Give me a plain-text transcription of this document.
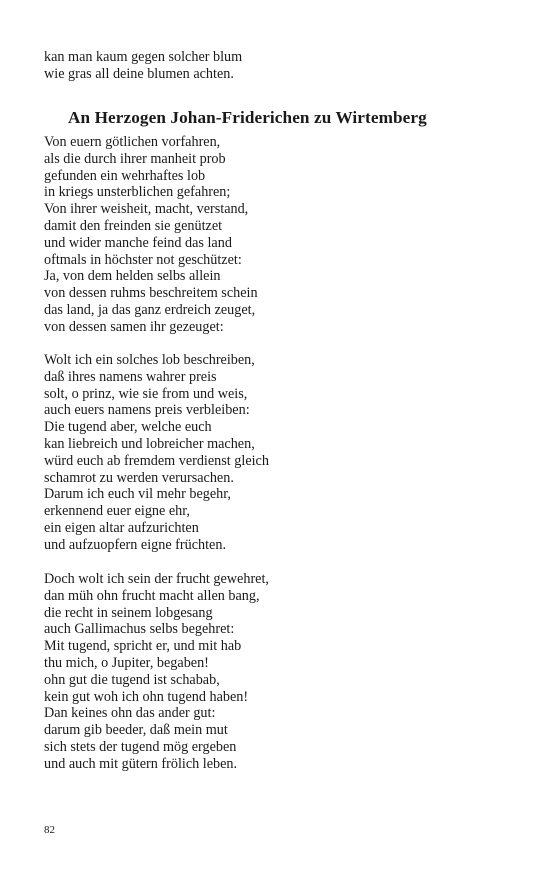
kan man kaum gegen solcher blum
wie gras all deine blumen achten.
An Herzogen Johan-Friderichen zu Wirtemberg
Von euern götlichen vorfahren,
als die durch ihrer manheit prob
gefunden ein wehrhaftes lob
in kriegs unsterblichen gefahren;
Von ihrer weisheit, macht, verstand,
damit den freinden sie genützet
und wider manche feind das land
oftmals in höchster not geschützet:
Ja, von dem helden selbs allein
von dessen ruhms beschreitem schein
das land, ja das ganz erdreich zeuget,
von dessen samen ihr gezeuget:
Wolt ich ein solches lob beschreiben,
daß ihres namens wahrer preis
solt, o prinz, wie sie from und weis,
auch euers namens preis verbleiben:
Die tugend aber, welche euch
kan liebreich und lobreicher machen,
würd euch ab fremdem verdienst gleich
schamrot zu werden verursachen.
Darum ich euch vil mehr begehr,
erkennend euer eigne ehr,
ein eigen altar aufzurichten
und aufzuopfern eigne früchten.
Doch wolt ich sein der frucht gewehret,
dan müh ohn frucht macht allen bang,
die recht in seinem lobgesang
auch Gallimachus selbs begehret:
Mit tugend, spricht er, und mit hab
thu mich, o Jupiter, begaben!
ohn gut die tugend ist schabab,
kein gut woh ich ohn tugend haben!
Dan keines ohn das ander gut:
darum gib beeder, daß mein mut
sich stets der tugend mög ergeben
und auch mit gütern frölich leben.
82
